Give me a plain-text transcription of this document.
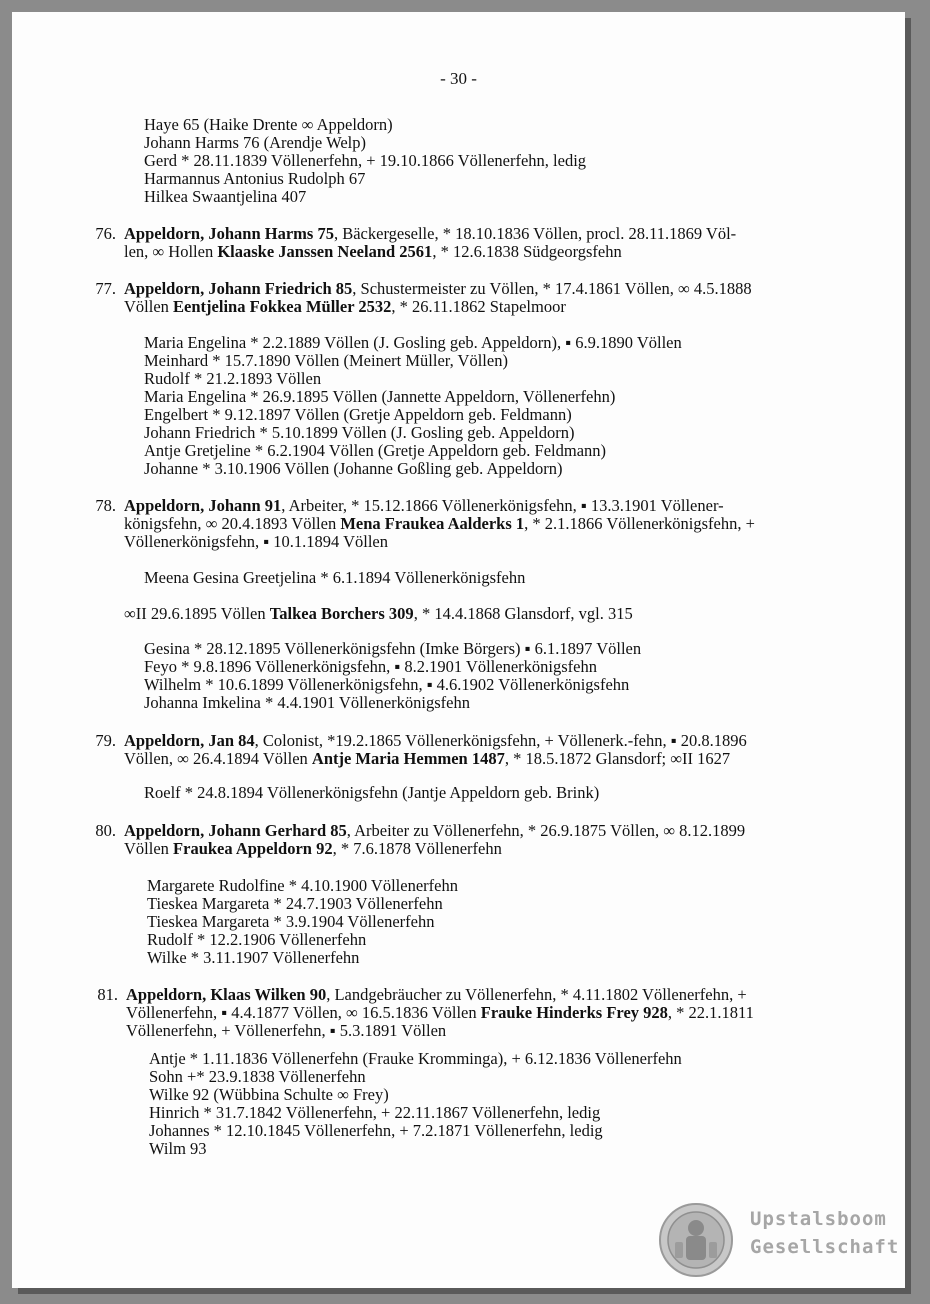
- 30 -
Haye 65 (Haike Drente ∞ Appeldorn)
Johann Harms 76 (Arendje Welp)
Gerd * 28.11.1839 Völlenerfehn, + 19.10.1866 Völlenerfehn, ledig
Harmannus Antonius Rudolph 67
Hilkea Swaantjelina 407
76. Appeldorn, Johann Harms 75, Bäckergeselle, * 18.10.1836 Völlen, procl. 28.11.1869 Völ-
len, ∞ Hollen Klaaske Janssen Neeland 2561, * 12.6.1838 Südgeorgsfehn
77. Appeldorn, Johann Friedrich 85, Schustermeister zu Völlen, * 17.4.1861 Völlen, ∞ 4.5.1888
Völlen Eentjelina Fokkea Müller 2532, * 26.11.1862 Stapelmoor
Maria Engelina * 2.2.1889 Völlen (J. Gosling geb. Appeldorn), ▪ 6.9.1890 Völlen
Meinhard * 15.7.1890 Völlen (Meinert Müller, Völlen)
Rudolf * 21.2.1893 Völlen
Maria Engelina * 26.9.1895 Völlen (Jannette Appeldorn, Völlenerfehn)
Engelbert * 9.12.1897 Völlen (Gretje Appeldorn geb. Feldmann)
Johann Friedrich * 5.10.1899 Völlen (J. Gosling geb. Appeldorn)
Antje Gretjeline * 6.2.1904 Völlen (Gretje Appeldorn geb. Feldmann)
Johanne * 3.10.1906 Völlen (Johanne Goßling geb. Appeldorn)
78. Appeldorn, Johann 91, Arbeiter, * 15.12.1866 Völlenerkönigsfehn, ▪ 13.3.1901 Völlener-
königsfehn, ∞ 20.4.1893 Völlen Mena Fraukea Aalderks 1, * 2.1.1866 Völlenerkönigsfehn, +
Völlenerkönigsfehn, ▪ 10.1.1894 Völlen
Meena Gesina Greetjelina * 6.1.1894 Völlenerkönigsfehn
∞II 29.6.1895 Völlen Talkea Borchers 309, * 14.4.1868 Glansdorf, vgl. 315
Gesina * 28.12.1895 Völlenerkönigsfehn (Imke Börgers) ▪ 6.1.1897 Völlen
Feyo * 9.8.1896 Völlenerkönigsfehn, ▪ 8.2.1901 Völlenerkönigsfehn
Wilhelm * 10.6.1899 Völlenerkönigsfehn, ▪ 4.6.1902 Völlenerkönigsfehn
Johanna Imkelina * 4.4.1901 Völlenerkönigsfehn
79. Appeldorn, Jan 84, Colonist, *19.2.1865 Völlenerkönigsfehn, + Völlenerk.-fehn, ▪ 20.8.1896
Völlen, ∞ 26.4.1894 Völlen Antje Maria Hemmen 1487, * 18.5.1872 Glansdorf; ∞II 1627
Roelf * 24.8.1894 Völlenerkönigsfehn (Jantje Appeldorn geb. Brink)
80. Appeldorn, Johann Gerhard 85, Arbeiter zu Völlenerfehn, * 26.9.1875 Völlen, ∞ 8.12.1899
Völlen Fraukea Appeldorn 92, * 7.6.1878 Völlenerfehn
Margarete Rudolfine * 4.10.1900 Völlenerfehn
Tieskea Margareta * 24.7.1903 Völlenerfehn
Tieskea Margareta * 3.9.1904 Völlenerfehn
Rudolf * 12.2.1906 Völlenerfehn
Wilke * 3.11.1907 Völlenerfehn
81. Appeldorn, Klaas Wilken 90, Landgebräucher zu Völlenerfehn, * 4.11.1802 Völlenerfehn, +
Völlenerfehn, ▪ 4.4.1877 Völlen, ∞ 16.5.1836 Völlen Frauke Hinderks Frey 928, * 22.1.1811
Völlenerfehn, + Völlenerfehn, ▪ 5.3.1891 Völlen
Antje * 1.11.1836 Völlenerfehn (Frauke Kromminga), + 6.12.1836 Völlenerfehn
Sohn +* 23.9.1838 Völlenerfehn
Wilke 92 (Wübbina Schulte ∞ Frey)
Hinrich * 31.7.1842 Völlenerfehn, + 22.11.1867 Völlenerfehn, ledig
Johannes * 12.10.1845 Völlenerfehn, + 7.2.1871 Völlenerfehn, ledig
Wilm 93
Upstalsboom
Gesellschaft
